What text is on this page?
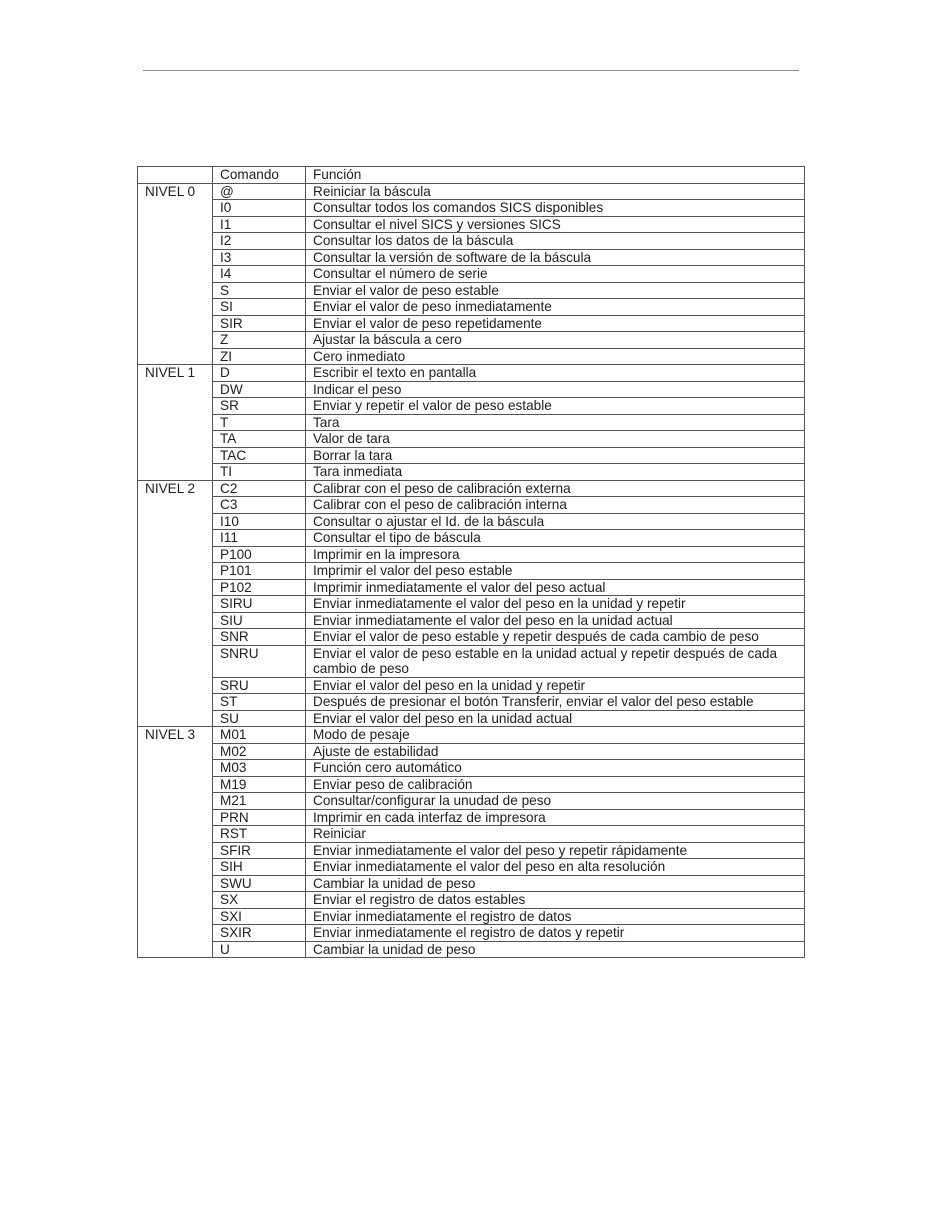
	Comando	Función
NIVEL 0	@	Reiniciar la báscula
	I0	Consultar todos los comandos SICS disponibles
	I1	Consultar el nivel SICS y versiones SICS
	I2	Consultar los datos de la báscula
	I3	Consultar la versión de software de la báscula
	I4	Consultar el número de serie
	S	Enviar el valor de peso estable
	SI	Enviar el valor de peso inmediatamente
	SIR	Enviar el valor de peso repetidamente
	Z	Ajustar la báscula a cero
	ZI	Cero inmediato
NIVEL 1	D	Escribir el texto en pantalla
	DW	Indicar el peso
	SR	Enviar y repetir el valor de peso estable
	T	Tara
	TA	Valor de tara
	TAC	Borrar la tara
	TI	Tara inmediata
NIVEL 2	C2	Calibrar con el peso de calibración externa
	C3	Calibrar con el peso de calibración interna
	I10	Consultar o ajustar el Id. de la báscula
	I11	Consultar el tipo de báscula
	P100	Imprimir en la impresora
	P101	Imprimir el valor del peso estable
	P102	Imprimir inmediatamente el valor del peso actual
	SIRU	Enviar inmediatamente el valor del peso en la unidad y repetir
	SIU	Enviar inmediatamente el valor del peso en la unidad actual
	SNR	Enviar el valor de peso estable y repetir después de cada cambio de peso
	SNRU	Enviar el valor de peso estable en la unidad actual y repetir después de cada cambio de peso
	SRU	Enviar el valor del peso en la unidad y repetir
	ST	Después de presionar el botón Transferir, enviar el valor del peso estable
	SU	Enviar el valor del peso en la unidad actual
NIVEL 3	M01	Modo de pesaje
	M02	Ajuste de estabilidad
	M03	Función cero automático
	M19	Enviar peso de calibración
	M21	Consultar/configurar la unudad de peso
	PRN	Imprimir en cada interfaz de impresora
	RST	Reiniciar
	SFIR	Enviar inmediatamente el valor del peso y repetir rápidamente
	SIH	Enviar inmediatamente el valor del peso en alta resolución
	SWU	Cambiar la unidad de peso
	SX	Enviar el registro de datos estables
	SXI	Enviar inmediatamente el registro de datos
	SXIR	Enviar inmediatamente el registro de datos y repetir
	U	Cambiar la unidad de peso
